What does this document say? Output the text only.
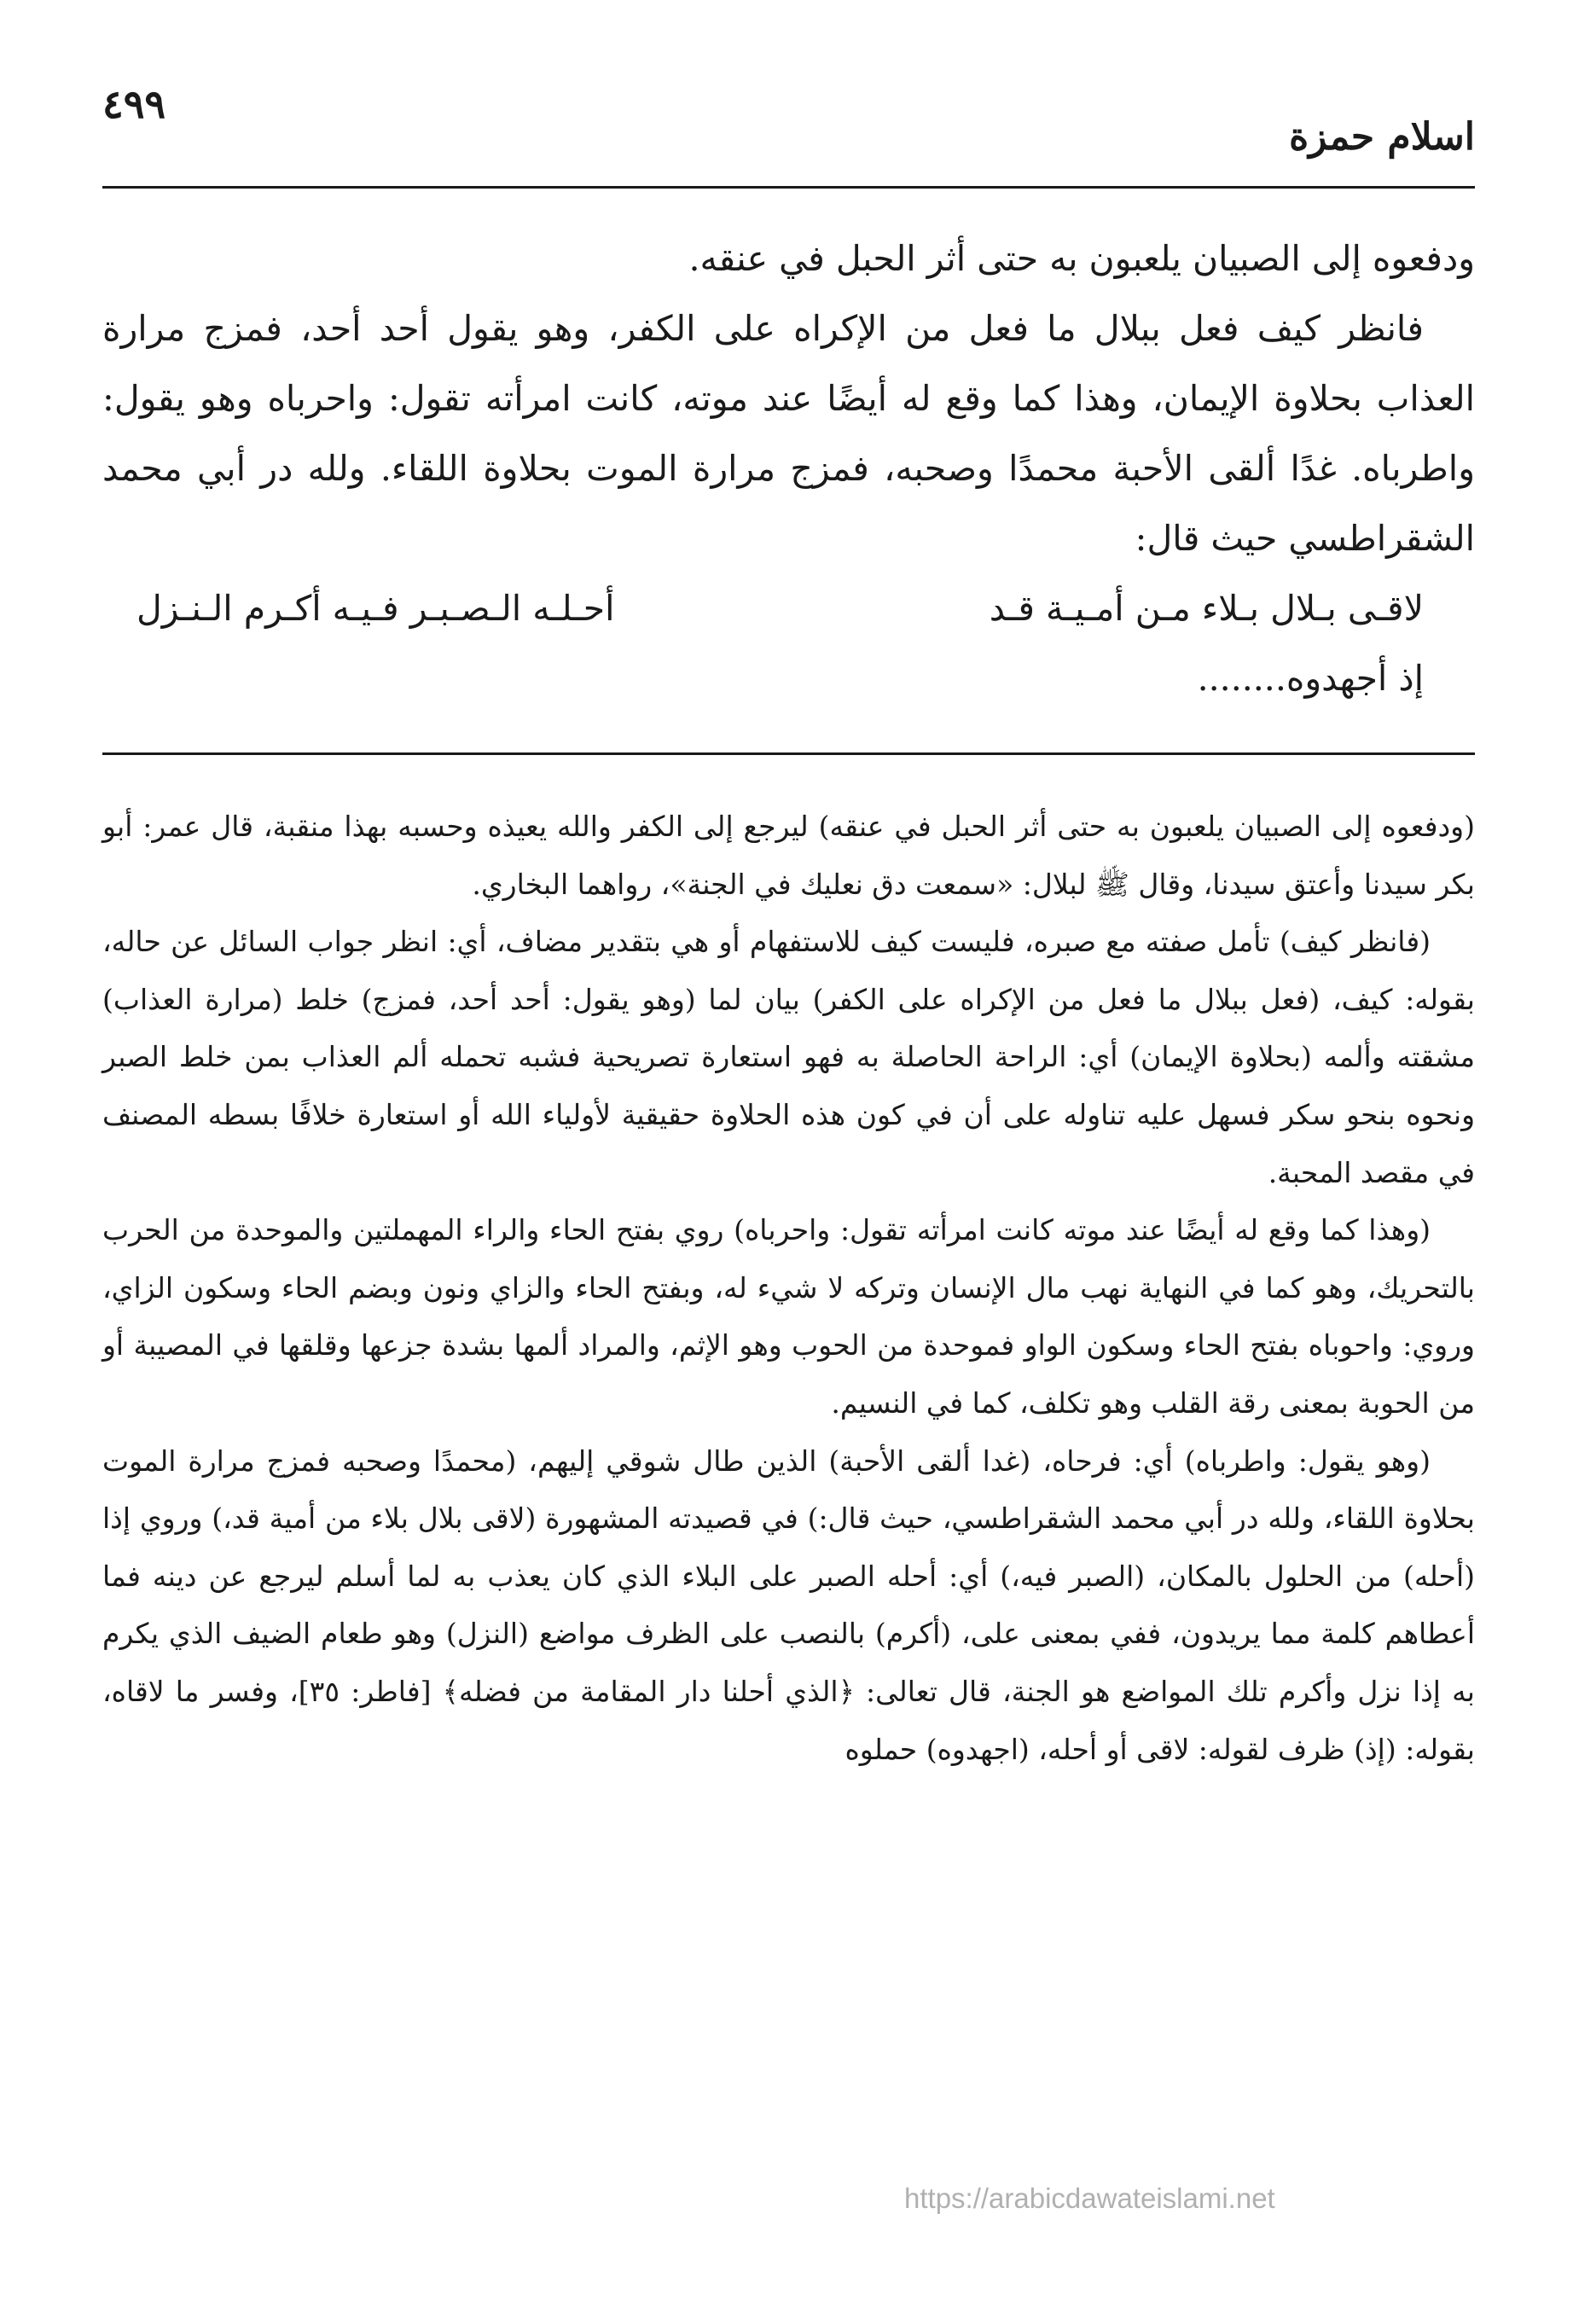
اسلام حمزة
٤٩٩

ودفعوه إلى الصبيان يلعبون به حتى أثر الحبل في عنقه.

فانظر كيف فعل ببلال ما فعل من الإكراه على الكفر، وهو يقول أحد أحد، فمزج مرارة العذاب بحلاوة الإيمان، وهذا كما وقع له أيضًا عند موته، كانت امرأته تقول: واحرباه وهو يقول: واطرباه. غدًا ألقى الأحبة محمدًا وصحبه، فمزج مرارة الموت بحلاوة اللقاء. ولله در أبي محمد الشقراطسي حيث قال:

لاقـى بـلال بـلاء مـن أمـيـة قـد
أحـلـه الـصـبـر فـيـه أكـرم الـنـزل

إذ أجهدوه........

(ودفعوه إلى الصبيان يلعبون به حتى أثر الحبل في عنقه) ليرجع إلى الكفر والله يعيذه وحسبه بهذا منقبة، قال عمر: أبو بكر سيدنا وأعتق سيدنا، وقال ﷺ لبلال: «سمعت دق نعليك في الجنة»، رواهما البخاري.

(فانظر كيف) تأمل صفته مع صبره، فليست كيف للاستفهام أو هي بتقدير مضاف، أي: انظر جواب السائل عن حاله، بقوله: كيف، (فعل ببلال ما فعل من الإكراه على الكفر) بيان لما (وهو يقول: أحد أحد، فمزج) خلط (مرارة العذاب) مشقته وألمه (بحلاوة الإيمان) أي: الراحة الحاصلة به فهو استعارة تصريحية فشبه تحمله ألم العذاب بمن خلط الصبر ونحوه بنحو سكر فسهل عليه تناوله على أن في كون هذه الحلاوة حقيقية لأولياء الله أو استعارة خلافًا بسطه المصنف في مقصد المحبة.

(وهذا كما وقع له أيضًا عند موته كانت امرأته تقول: واحرباه) روي بفتح الحاء والراء المهملتين والموحدة من الحرب بالتحريك، وهو كما في النهاية نهب مال الإنسان وتركه لا شيء له، وبفتح الحاء والزاي ونون وبضم الحاء وسكون الزاي، وروي: واحوباه بفتح الحاء وسكون الواو فموحدة من الحوب وهو الإثم، والمراد ألمها بشدة جزعها وقلقها في المصيبة أو من الحوبة بمعنى رقة القلب وهو تكلف، كما في النسيم.

(وهو يقول: واطرباه) أي: فرحاه، (غدا ألقى الأحبة) الذين طال شوقي إليهم، (محمدًا وصحبه فمزج مرارة الموت بحلاوة اللقاء، ولله در أبي محمد الشقراطسي، حيث قال:) في قصيدته المشهورة (لاقى بلال بلاء من أمية قد،) وروي إذا (أحله) من الحلول بالمكان، (الصبر فيه،) أي: أحله الصبر على البلاء الذي كان يعذب به لما أسلم ليرجع عن دينه فما أعطاهم كلمة مما يريدون، ففي بمعنى على، (أكرم) بالنصب على الظرف مواضع (النزل) وهو طعام الضيف الذي يكرم به إذا نزل وأكرم تلك المواضع هو الجنة، قال تعالى: ﴿الذي أحلنا دار المقامة من فضله﴾ [فاطر: ٣٥]، وفسر ما لاقاه، بقوله: (إذ) ظرف لقوله: لاقى أو أحله، (اجهدوه) حملوه

https://arabicdawateislami.net
